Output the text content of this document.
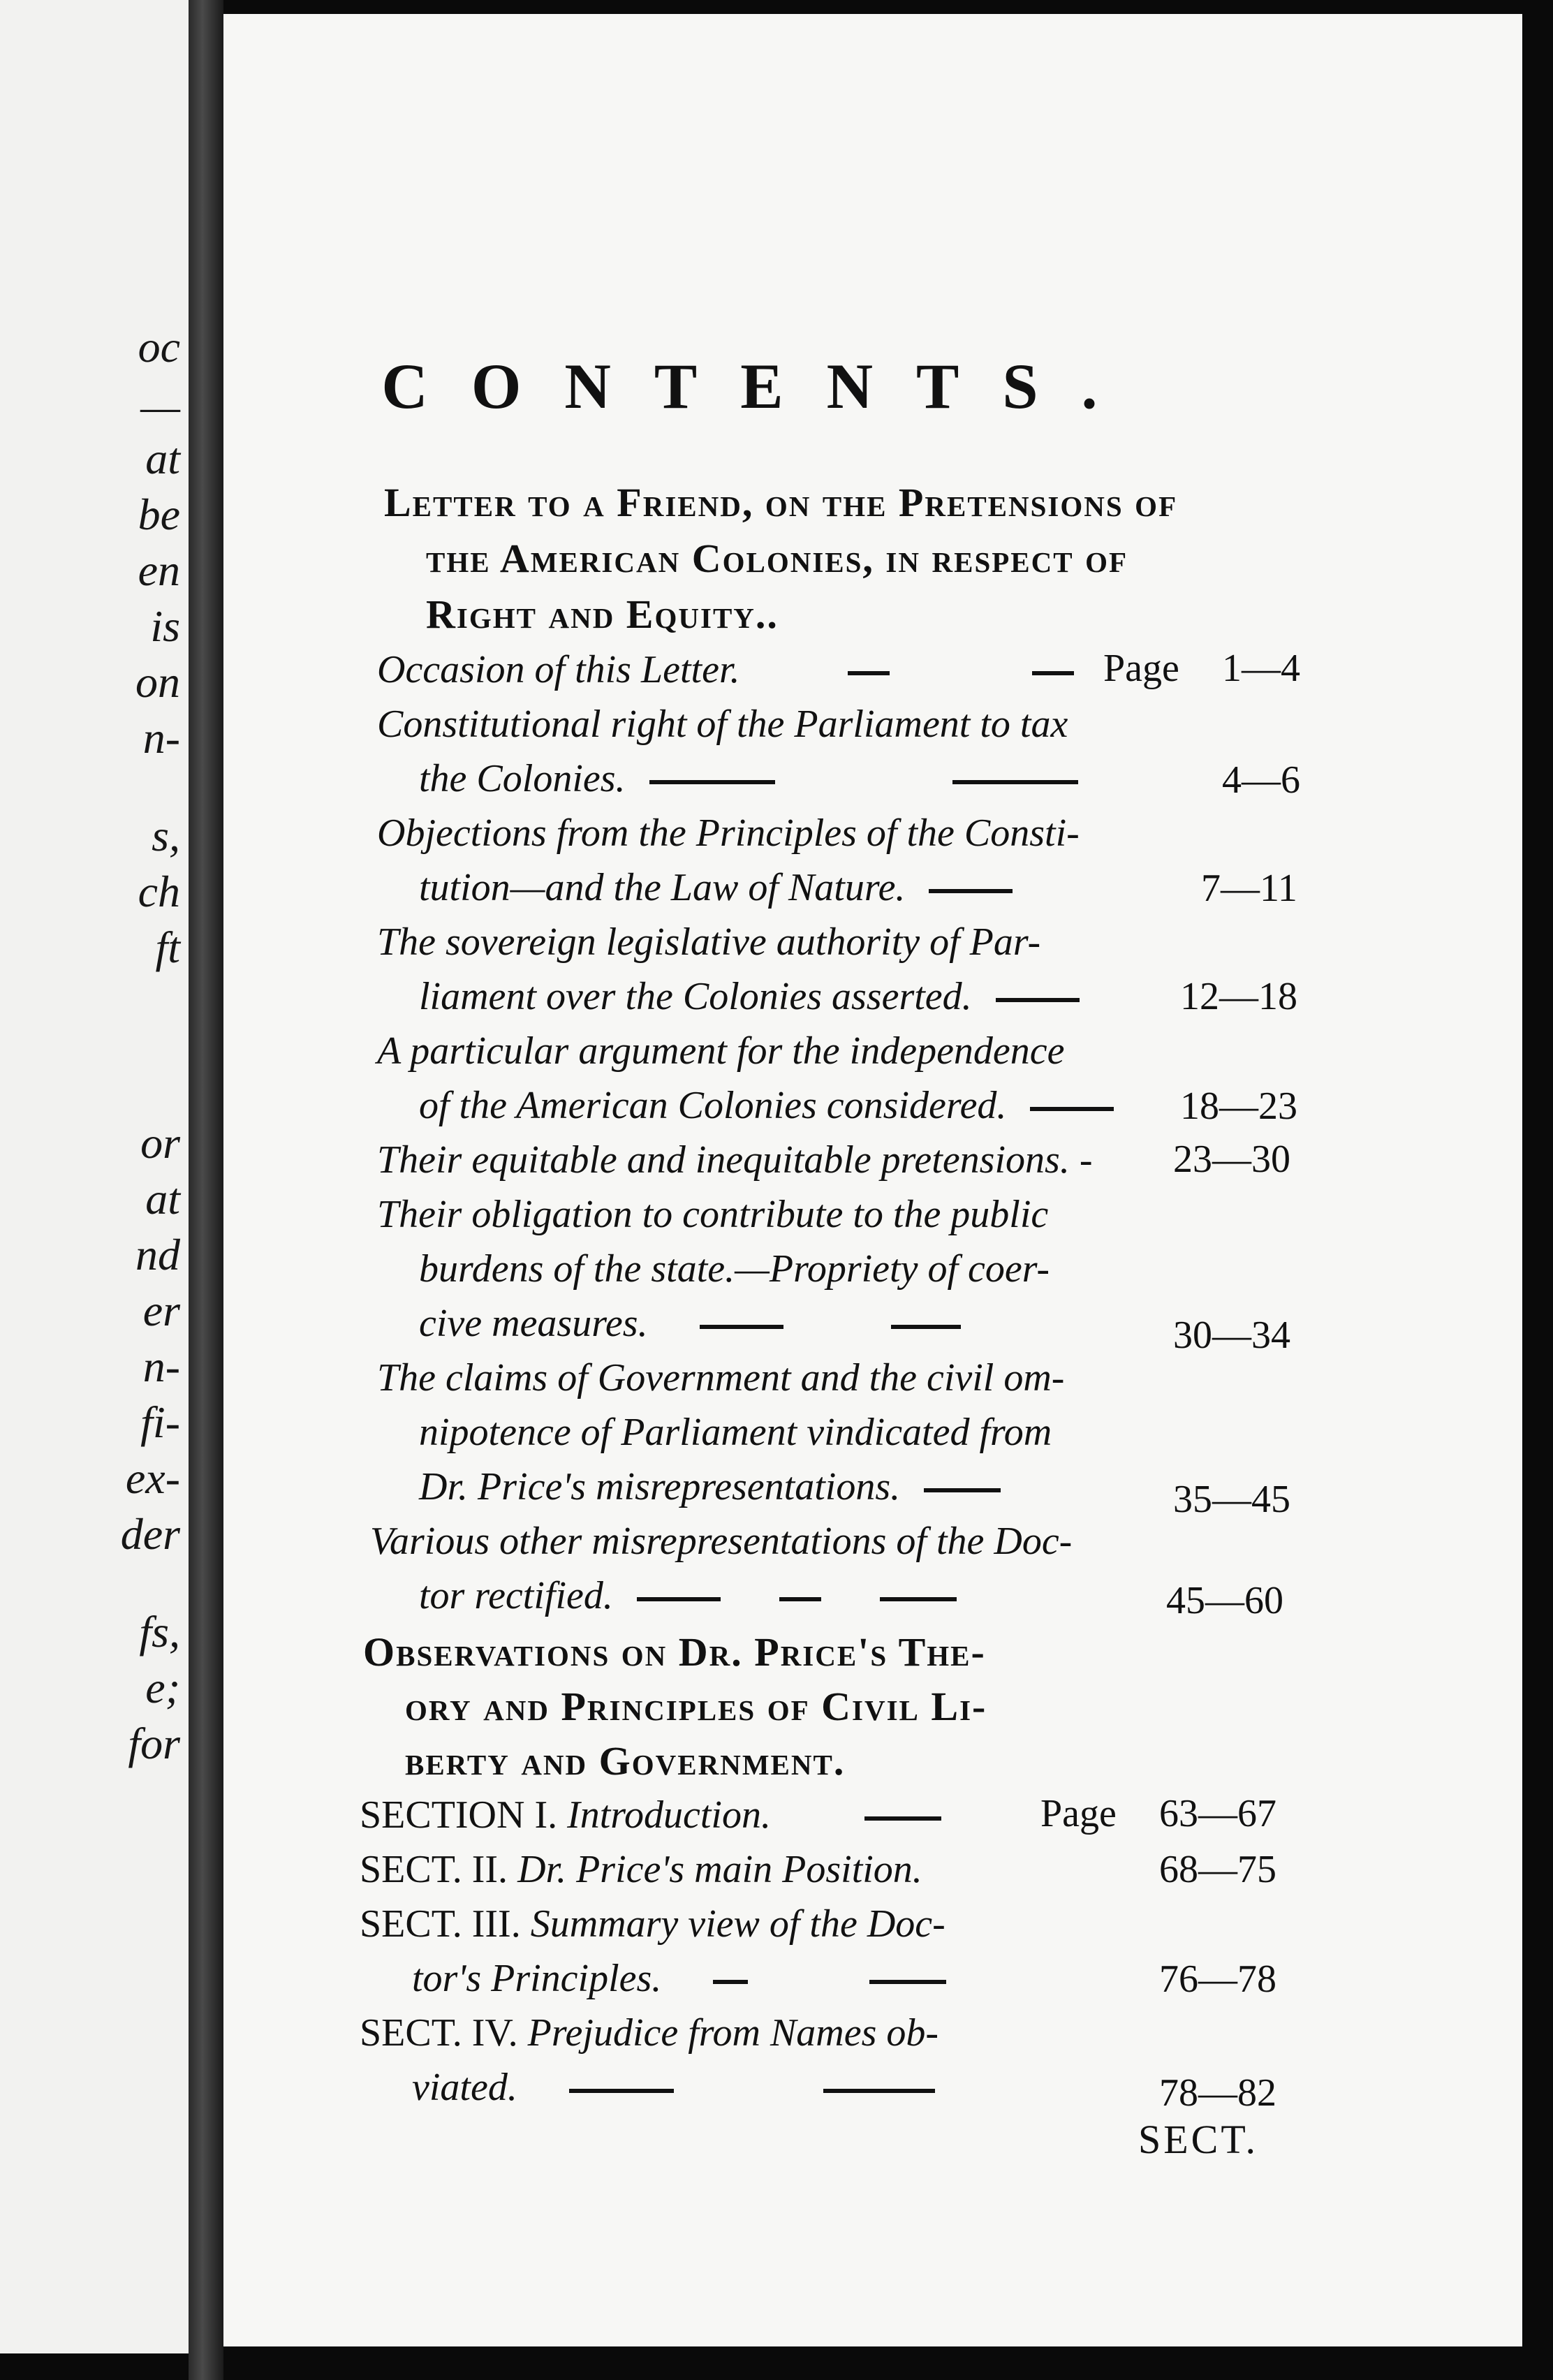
oc
—
at
be
en
is
on
n-
s,
ch
ft
or
at
nd
er
n-
fi-
ex-
der
fs,
e;
for
CONTENTS.
Letter to a Friend, on the Pretensions of
the American Colonies, in respect of
Right and Equity..
Occasion of this Letter.	Page 1—4
Constitutional right of the Parliament to tax
the Colonies.	4—6
Objections from the Principles of the Consti-
tution—and the Law of Nature.	7—11
The sovereign legislative authority of Par-
liament over the Colonies asserted.	12—18
A particular argument for the independence
of the American Colonies considered.	18—23
Their equitable and inequitable pretensions. - 23—30
Their obligation to contribute to the public
burdens of the state.—Propriety of coer-
cive measures.	30—34
The claims of Government and the civil om-
nipotence of Parliament vindicated from
Dr. Price's misrepresentations.	35—45
Various other misrepresentations of the Doc-
tor rectified.	45—60
Observations on Dr. Price's The-
ory and Principles of Civil Li-
berty and Government.
SECTION I. Introduction.	Page 63—67
SECT. II. Dr. Price's main Position.	68—75
SECT. III. Summary view of the Doc-
tor's Principles.	76—78
SECT. IV. Prejudice from Names ob-
viated.	78—82
SECT.
